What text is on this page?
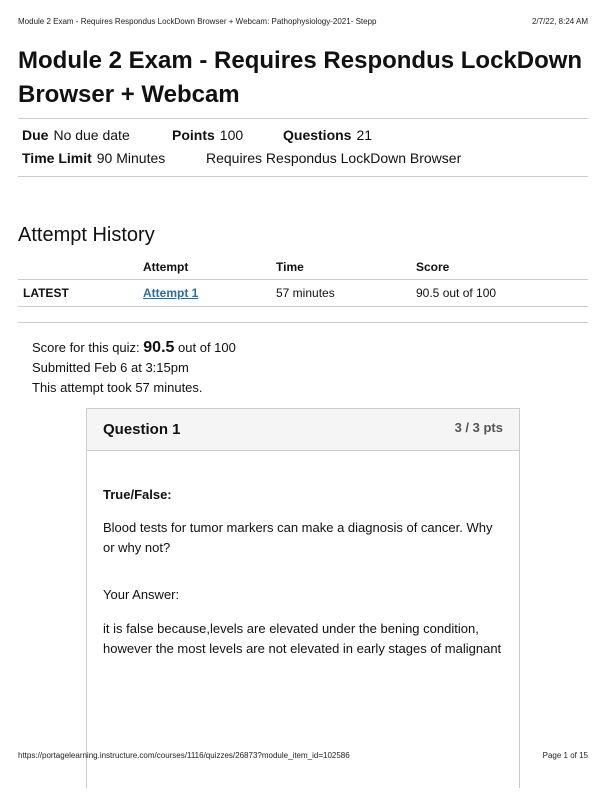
Module 2 Exam - Requires Respondus LockDown Browser + Webcam: Pathophysiology-2021- Stepp	2/7/22, 8:24 AM
Module 2 Exam - Requires Respondus LockDown Browser + Webcam
Due No due date	Points 100	Questions 21
Time Limit 90 Minutes	Requires Respondus LockDown Browser
Attempt History
	Attempt	Time	Score
LATEST	Attempt 1	57 minutes	90.5 out of 100
Score for this quiz: 90.5 out of 100
Submitted Feb 6 at 3:15pm
This attempt took 57 minutes.
Question 1	3 / 3 pts

True/False:

Blood tests for tumor markers can make a diagnosis of cancer. Why or why not?

Your Answer:

it is false because,levels are elevated under the bening condition, however the most levels are not elevated in early stages of malignant

https://portagelearning.instructure.com/courses/1116/quizzes/26873?module_item_id=102586	Page 1 of 15
